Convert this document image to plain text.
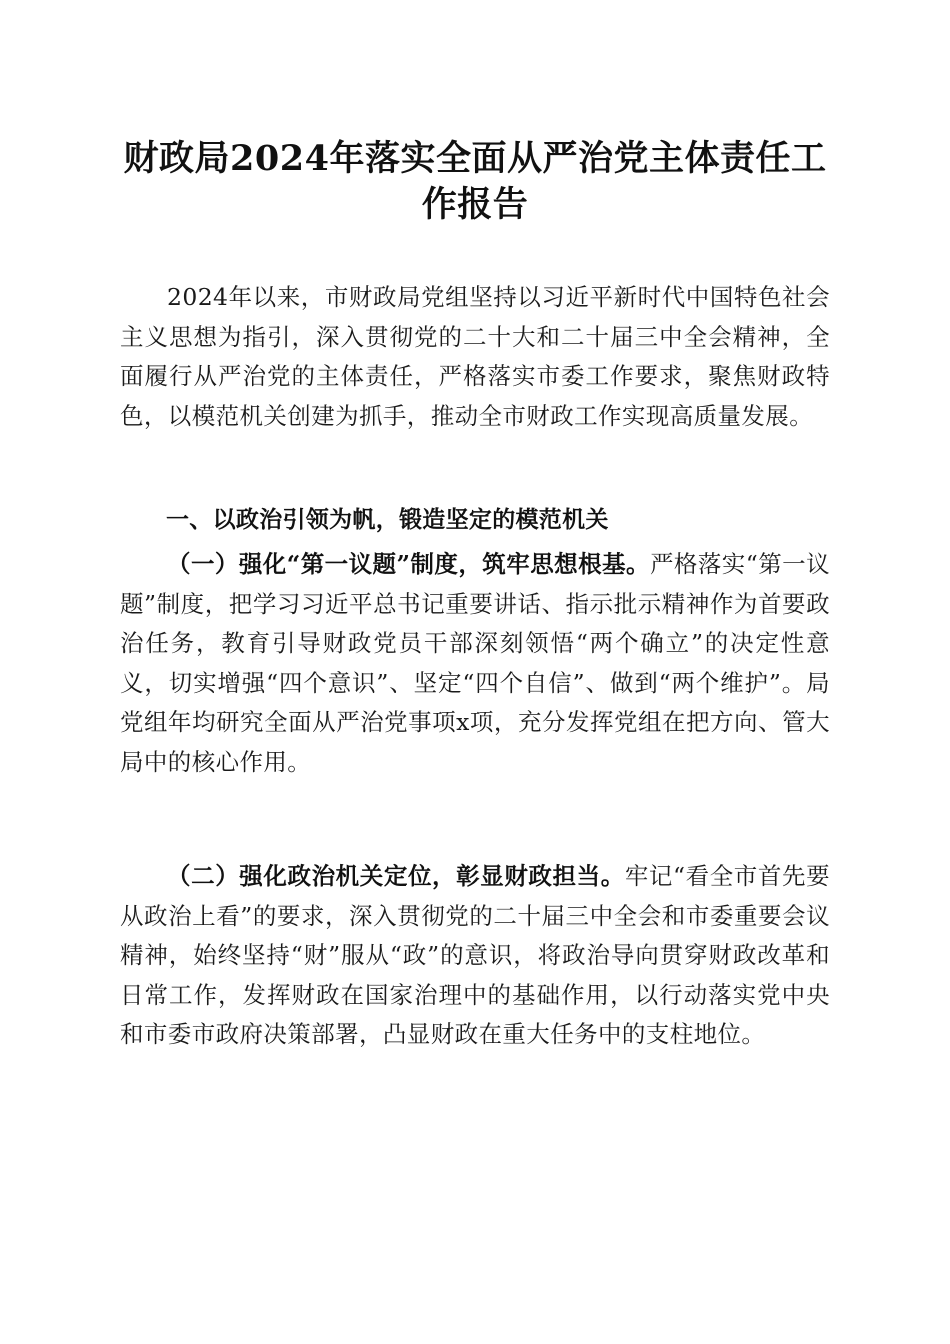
财政局2024年落实全面从严治党主体责任工作报告

2024年以来，市财政局党组坚持以习近平新时代中国特色社会主义思想为指引，深入贯彻党的二十大和二十届三中全会精神，全面履行从严治党的主体责任，严格落实市委工作要求，聚焦财政特色，以模范机关创建为抓手，推动全市财政工作实现高质量发展。

一、以政治引领为帆，锻造坚定的模范机关

（一）强化“第一议题”制度，筑牢思想根基。严格落实“第一议题”制度，把学习习近平总书记重要讲话、指示批示精神作为首要政治任务，教育引导财政党员干部深刻领悟“两个确立”的决定性意义，切实增强“四个意识”、坚定“四个自信”、做到“两个维护”。局党组年均研究全面从严治党事项x项，充分发挥党组在把方向、管大局中的核心作用。

（二）强化政治机关定位，彰显财政担当。牢记“看全市首先要从政治上看”的要求，深入贯彻党的二十届三中全会和市委重要会议精神，始终坚持“财”服从“政”的意识，将政治导向贯穿财政改革和日常工作，发挥财政在国家治理中的基础作用，以行动落实党中央和市委市政府决策部署，凸显财政在重大任务中的支柱地位。
